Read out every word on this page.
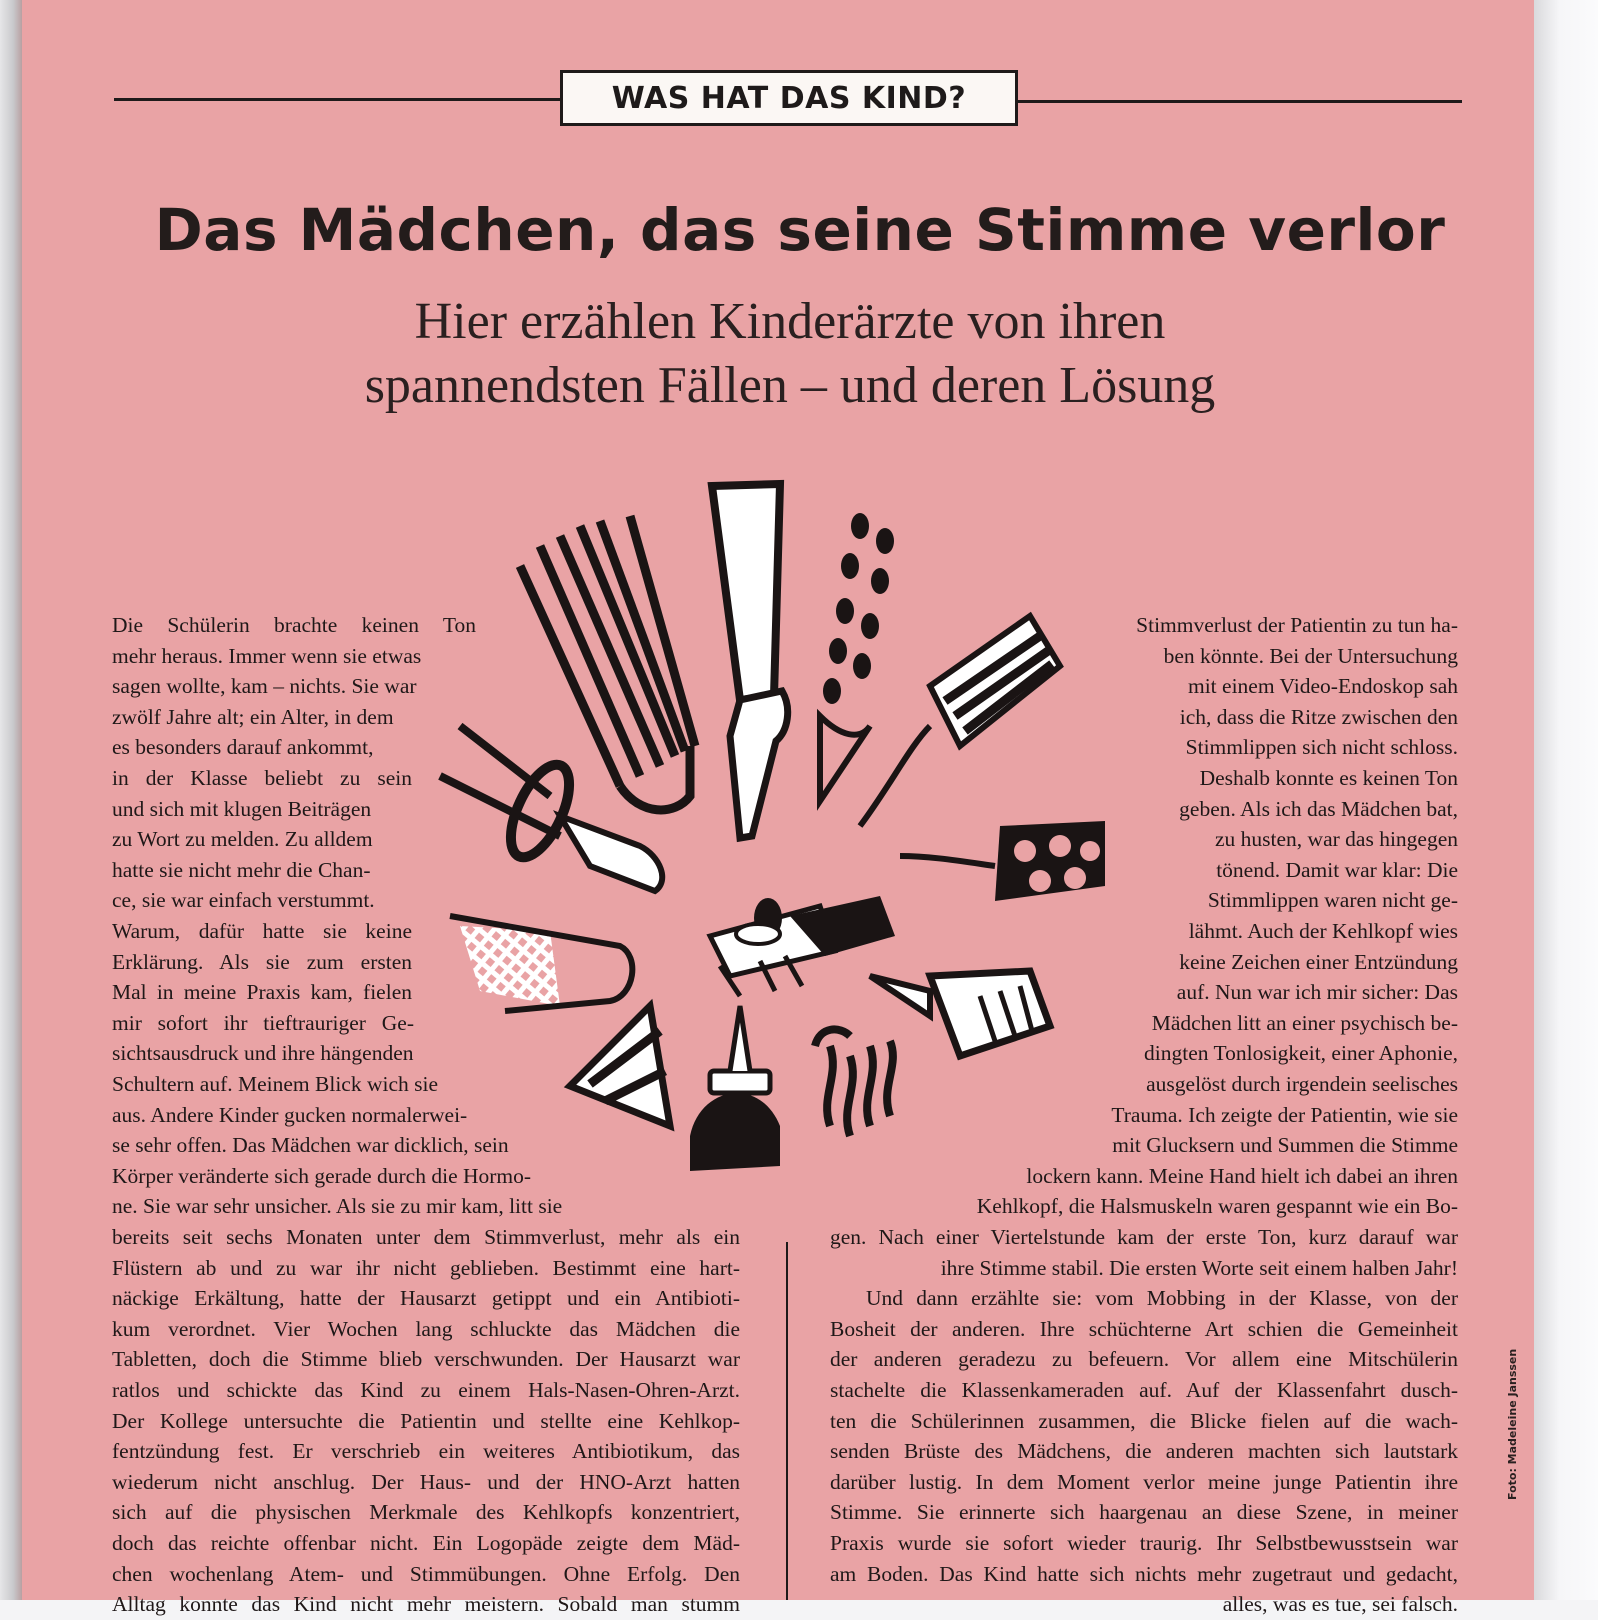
WAS HAT DAS KIND?
Das Mädchen, das seine Stimme verlor
Hier erzählen Kinderärzte von ihren
spannendsten Fällen – und deren Lösung
Die Schülerin brachte keinen Ton
mehr heraus. Immer wenn sie etwas
sagen wollte, kam – nichts. Sie war
zwölf Jahre alt; ein Alter, in dem
es besonders darauf ankommt,
in der Klasse beliebt zu sein
und sich mit klugen Beiträgen
zu Wort zu melden. Zu alldem
hatte sie nicht mehr die Chan-
ce, sie war einfach verstummt.
Warum, dafür hatte sie keine
Erklärung. Als sie zum ersten
Mal in meine Praxis kam, fielen
mir sofort ihr tieftrauriger Ge-
sichtsausdruck und ihre hängenden
Schultern auf. Meinem Blick wich sie
aus. Andere Kinder gucken normalerwei-
se sehr offen. Das Mädchen war dicklich, sein
Körper veränderte sich gerade durch die Hormo-
ne. Sie war sehr unsicher. Als sie zu mir kam, litt sie
bereits seit sechs Monaten unter dem Stimmverlust, mehr als ein
Flüstern ab und zu war ihr nicht geblieben. Bestimmt eine hart-
näckige Erkältung, hatte der Hausarzt getippt und ein Antibioti-
kum verordnet. Vier Wochen lang schluckte das Mädchen die
Tabletten, doch die Stimme blieb verschwunden. Der Hausarzt war
ratlos und schickte das Kind zu einem Hals-Nasen-Ohren-Arzt.
Der Kollege untersuchte die Patientin und stellte eine Kehlkop-
fentzündung fest. Er verschrieb ein weiteres Antibiotikum, das
wiederum nicht anschlug. Der Haus- und der HNO-Arzt hatten
sich auf die physischen Merkmale des Kehlkopfs konzentriert,
doch das reichte offenbar nicht. Ein Logopäde zeigte dem Mäd-
chen wochenlang Atem- und Stimmübungen. Ohne Erfolg. Den
Alltag konnte das Kind nicht mehr meistern. Sobald man stumm
Stimmverlust der Patientin zu tun ha-
ben könnte. Bei der Untersuchung
mit einem Video-Endoskop sah
ich, dass die Ritze zwischen den
Stimmlippen sich nicht schloss.
Deshalb konnte es keinen Ton
geben. Als ich das Mädchen bat,
zu husten, war das hingegen
tönend. Damit war klar: Die
Stimmlippen waren nicht ge-
lähmt. Auch der Kehlkopf wies
keine Zeichen einer Entzündung
auf. Nun war ich mir sicher: Das
Mädchen litt an einer psychisch be-
dingten Tonlosigkeit, einer Aphonie,
ausgelöst durch irgendein seelisches
Trauma. Ich zeigte der Patientin, wie sie
mit Glucksern und Summen die Stimme
lockern kann. Meine Hand hielt ich dabei an ihren
Kehlkopf, die Halsmuskeln waren gespannt wie ein Bo-
gen. Nach einer Viertelstunde kam der erste Ton, kurz darauf war
ihre Stimme stabil. Die ersten Worte seit einem halben Jahr!
Und dann erzählte sie: vom Mobbing in der Klasse, von der
Bosheit der anderen. Ihre schüchterne Art schien die Gemeinheit
der anderen geradezu zu befeuern. Vor allem eine Mitschülerin
stachelte die Klassenkameraden auf. Auf der Klassenfahrt dusch-
ten die Schülerinnen zusammen, die Blicke fielen auf die wach-
senden Brüste des Mädchens, die anderen machten sich lautstark
darüber lustig. In dem Moment verlor meine junge Patientin ihre
Stimme. Sie erinnerte sich haargenau an diese Szene, in meiner
Praxis wurde sie sofort wieder traurig. Ihr Selbstbewusstsein war
am Boden. Das Kind hatte sich nichts mehr zugetraut und gedacht,
alles, was es tue, sei falsch.
Foto: Madeleine Janssen
